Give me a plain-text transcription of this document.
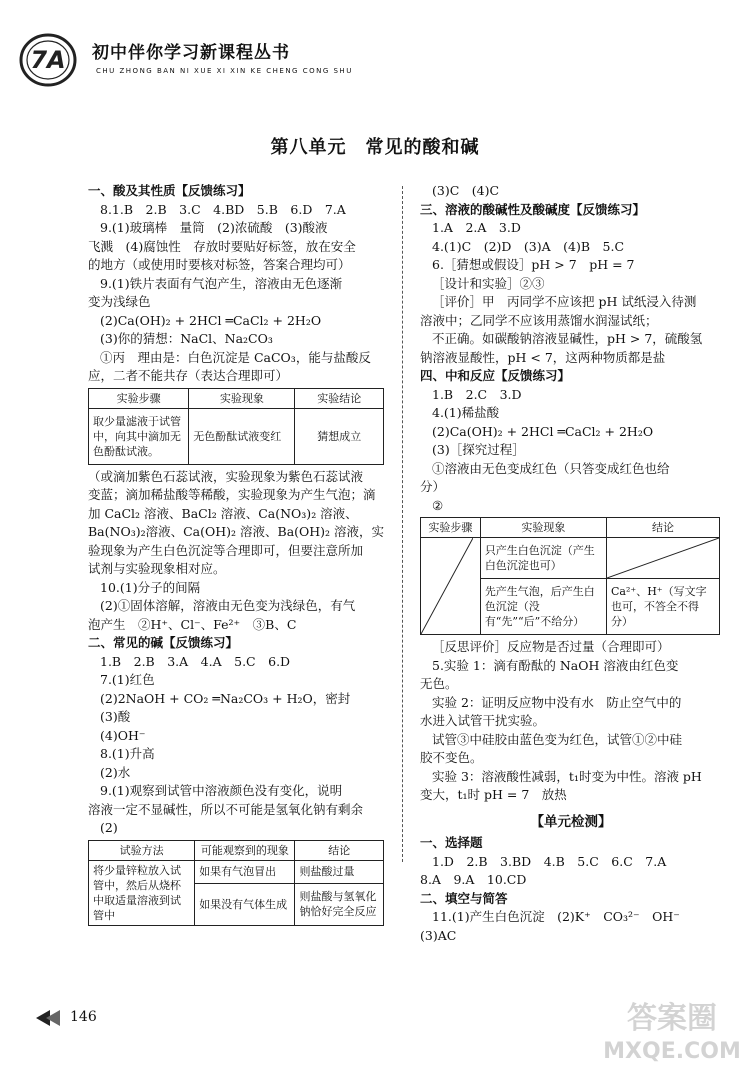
7A 初中伴你学习新课程丛书
CHU ZHONG BAN NI XUE XI XIN KE CHENG CONG SHU
第八单元　常见的酸和碱

一、酸及其性质【反馈练习】

8.1.B　2.B　3.C　4.BD　5.B　6.D　7.A

9.(1)玻璃棒　量筒　(2)浓硫酸　(3)酸液

飞溅　(4)腐蚀性　存放时要贴好标签，放在安全

的地方（或使用时要核对标签，答案合理均可）

9.(1)铁片表面有气泡产生，溶液由无色逐渐

变为浅绿色

(2)Ca(OH)₂ + 2HCl ═CaCl₂ + 2H₂O

(3)你的猜想：NaCl、Na₂CO₃

①丙　理由是：白色沉淀是 CaCO₃，能与盐酸反

应，二者不能共存（表达合理即可）

实验步骤	实验现象	实验结论
取少量滤液于试管中，向其中滴加无色酚酞试液。	无色酚酞试液变红	猜想成立

（或滴加紫色石蕊试液，实验现象为紫色石蕊试液

变蓝；滴加稀盐酸等稀酸，实验现象为产生气泡；滴

加 CaCl₂ 溶液、BaCl₂ 溶液、Ca(NO₃)₂ 溶液、

Ba(NO₃)₂溶液、Ca(OH)₂ 溶液、Ba(OH)₂ 溶液，实

验现象为产生白色沉淀等合理即可，但要注意所加

试剂与实验现象相对应。

10.(1)分子的间隔

(2)①固体溶解，溶液由无色变为浅绿色，有气

泡产生　②H⁺、Cl⁻、Fe²⁺　③B、C

二、常见的碱【反馈练习】

1.B　2.B　3.A　4.A　5.C　6.D

7.(1)红色

(2)2NaOH + CO₂ ═Na₂CO₃ + H₂O，密封

(3)酸

(4)OH⁻

8.(1)升高

(2)水

9.(1)观察到试管中溶液颜色没有变化，说明

溶液一定不显碱性，所以不可能是氢氧化钠有剩余

(2)

试验方法	可能观察到的现象	结论
将少量锌粒放入试管中，然后从烧杯中取适量溶液到试管中	如果有气泡冒出	则盐酸过量
	如果没有气体生成	则盐酸与氢氧化钠恰好完全反应

(3)C　(4)C

三、溶液的酸碱性及酸碱度【反馈练习】

1.A　2.A　3.D

4.(1)C　(2)D　(3)A　(4)B　5.C

6.［猜想或假设］pH > 7　pH = 7

［设计和实验］②③

［评价］甲　丙同学不应该把 pH 试纸浸入待测

溶液中；乙同学不应该用蒸馏水润湿试纸；

不正确。如碳酸钠溶液显碱性，pH > 7，硫酸氢

钠溶液显酸性，pH < 7，这两种物质都是盐

四、中和反应【反馈练习】

1.B　2.C　3.D

4.(1)稀盐酸

(2)Ca(OH)₂ + 2HCl ═CaCl₂ + 2H₂O

(3)［探究过程］

①溶液由无色变成红色（只答变成红色也给

分）

②

实验步骤	实验现象	结论

	只产生白色沉淀（产生白色沉淀也可）	

	先产生气泡，后产生白色沉淀（没有“先”“后”不给分）	Ca²⁺、H⁺（写文字也可，不答全不得分）

［反思评价］反应物是否过量（合理即可）

5.实验 1：滴有酚酞的 NaOH 溶液由红色变

无色。

实验 2：证明反应物中没有水　防止空气中的

水进入试管干扰实验。

试管③中硅胶由蓝色变为红色，试管①②中硅

胶不变色。

实验 3：溶液酸性减弱，t₁时变为中性。溶液 pH

变大，t₁时 pH = 7　放热

【单元检测】

一、选择题

1.D　2.B　3.BD　4.B　5.C　6.C　7.A

8.A　9.A　10.CD

二、填空与简答

11.(1)产生白色沉淀　(2)K⁺　CO₃²⁻　OH⁻

(3)AC

146	答案圈
MXQE.COM
